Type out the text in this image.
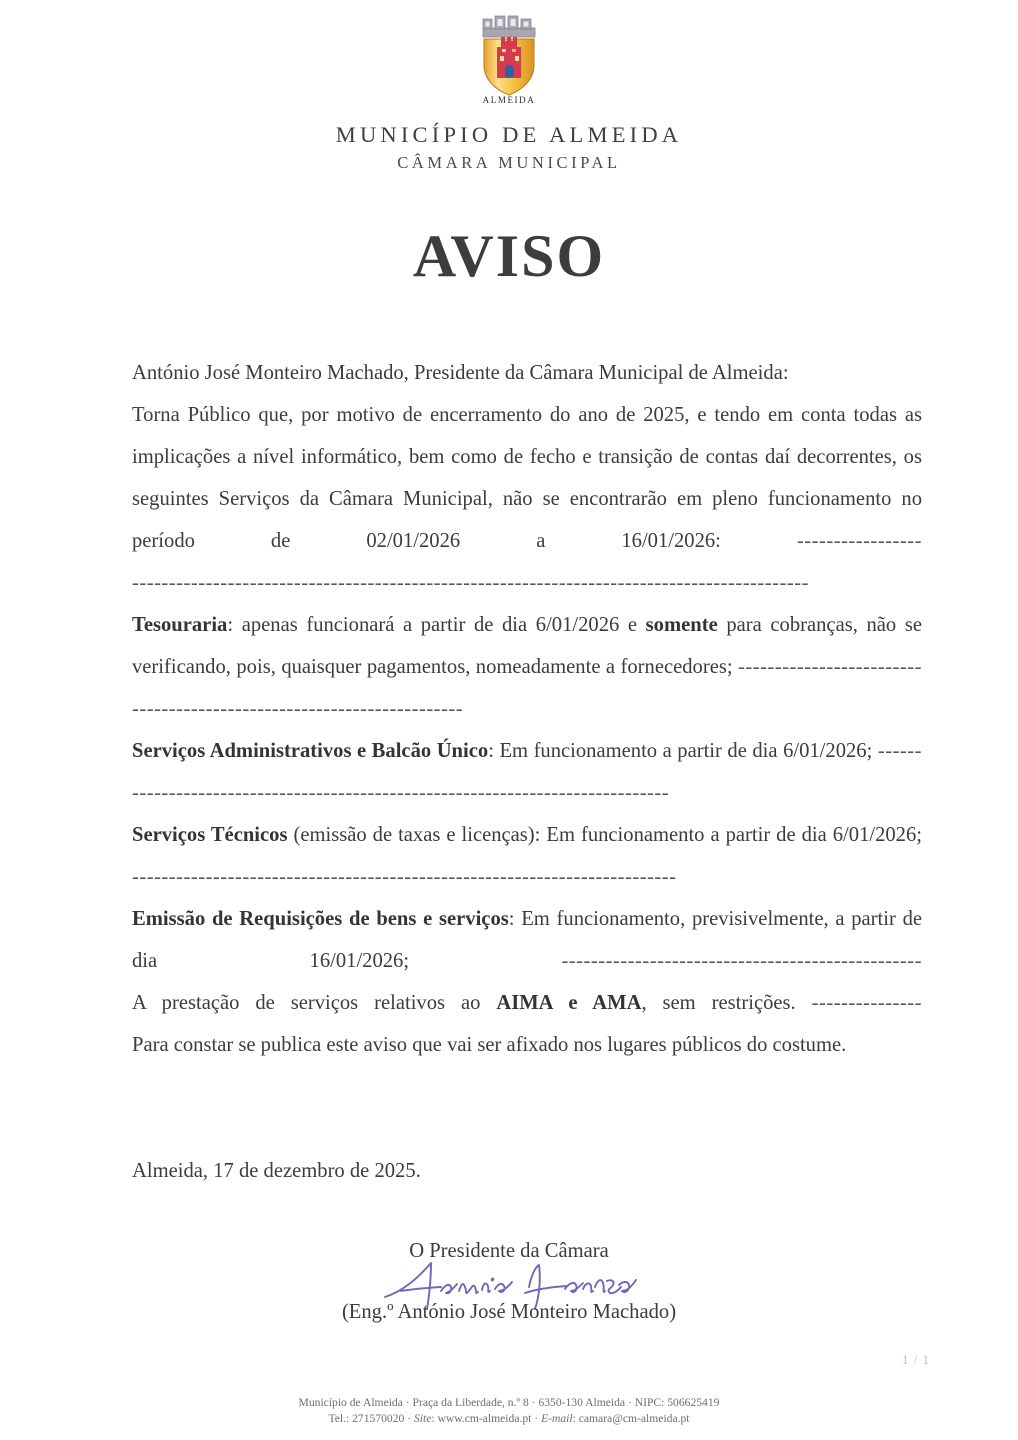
ALMEIDA
MUNICÍPIO DE ALMEIDA
CÂMARA MUNICIPAL
AVISO

António José Monteiro Machado, Presidente da Câmara Municipal de Almeida:

Torna Público que, por motivo de encerramento do ano de 2025, e tendo em conta todas as implicações a nível informático, bem como de fecho e transição de contas daí decorrentes, os seguintes Serviços da Câmara Municipal, não se encontrarão em pleno funcionamento no período de 02/01/2026 a 16/01/2026: -----------------

--------------------------------------------------------------------------------------------

Tesouraria: apenas funcionará a partir de dia 6/01/2026 e somente para cobranças, não se verificando, pois, quaisquer pagamentos, nomeadamente a fornecedores; ----------------------------------------------------------------------

Serviços Administrativos e Balcão Único: Em funcionamento a partir de dia 6/01/2026; -------------------------------------------------------------------------------

Serviços Técnicos (emissão de taxas e licenças): Em funcionamento a partir de dia 6/01/2026; --------------------------------------------------------------------------

Emissão de Requisições de bens e serviços: Em funcionamento, previsivelmente, a partir de dia 16/01/2026; -------------------------------------------------

A prestação de serviços relativos ao AIMA e AMA, sem restrições. ---------------

Para constar se publica este aviso que vai ser afixado nos lugares públicos do costume.

Almeida, 17 de dezembro de 2025.
O Presidente da Câmara
(Eng.º António José Monteiro Machado)
1 / 1
Município de Almeida · Praça da Liberdade, n.º 8 · 6350-130 Almeida · NIPC: 506625419
Tel.: 271570020 · Site: www.cm-almeida.pt · E-mail: camara@cm-almeida.pt
